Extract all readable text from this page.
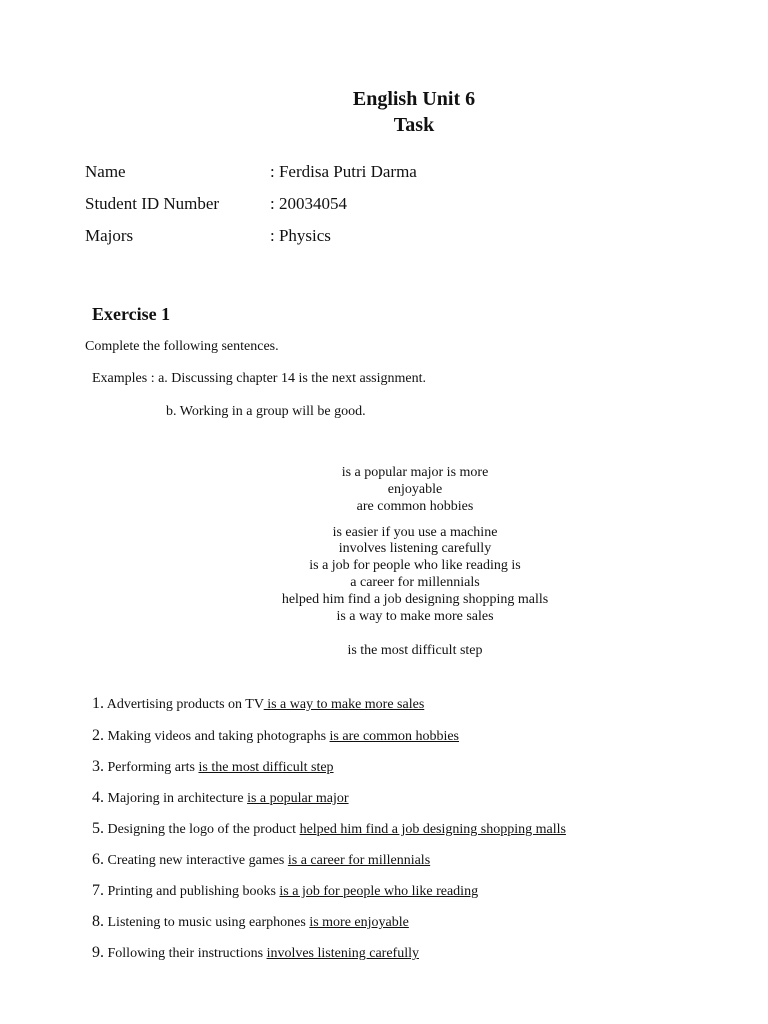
English Unit 6
Task
Name	: Ferdisa Putri Darma
Student ID Number	: 20034054
Majors	: Physics
Exercise 1
Complete the following sentences.
Examples : a. Discussing chapter 14 is the next assignment.
b. Working in a group will be good.
is a popular major is more
enjoyable
are common hobbies
is easier if you use a machine
involves listening carefully
is a job for people who like reading is
a career for millennials
helped him find a job designing shopping malls
is a way to make more sales
is the most difficult step
1. Advertising products on TV is a way to make more sales
2. Making videos and taking photographs is are common hobbies
3. Performing arts is the most difficult step
4. Majoring in architecture is a popular major
5. Designing the logo of the product helped him find a job designing shopping malls
6. Creating new interactive games is a career for millennials
7. Printing and publishing books is a job for people who like reading
8. Listening to music using earphones is more enjoyable
9. Following their instructions involves listening carefully
